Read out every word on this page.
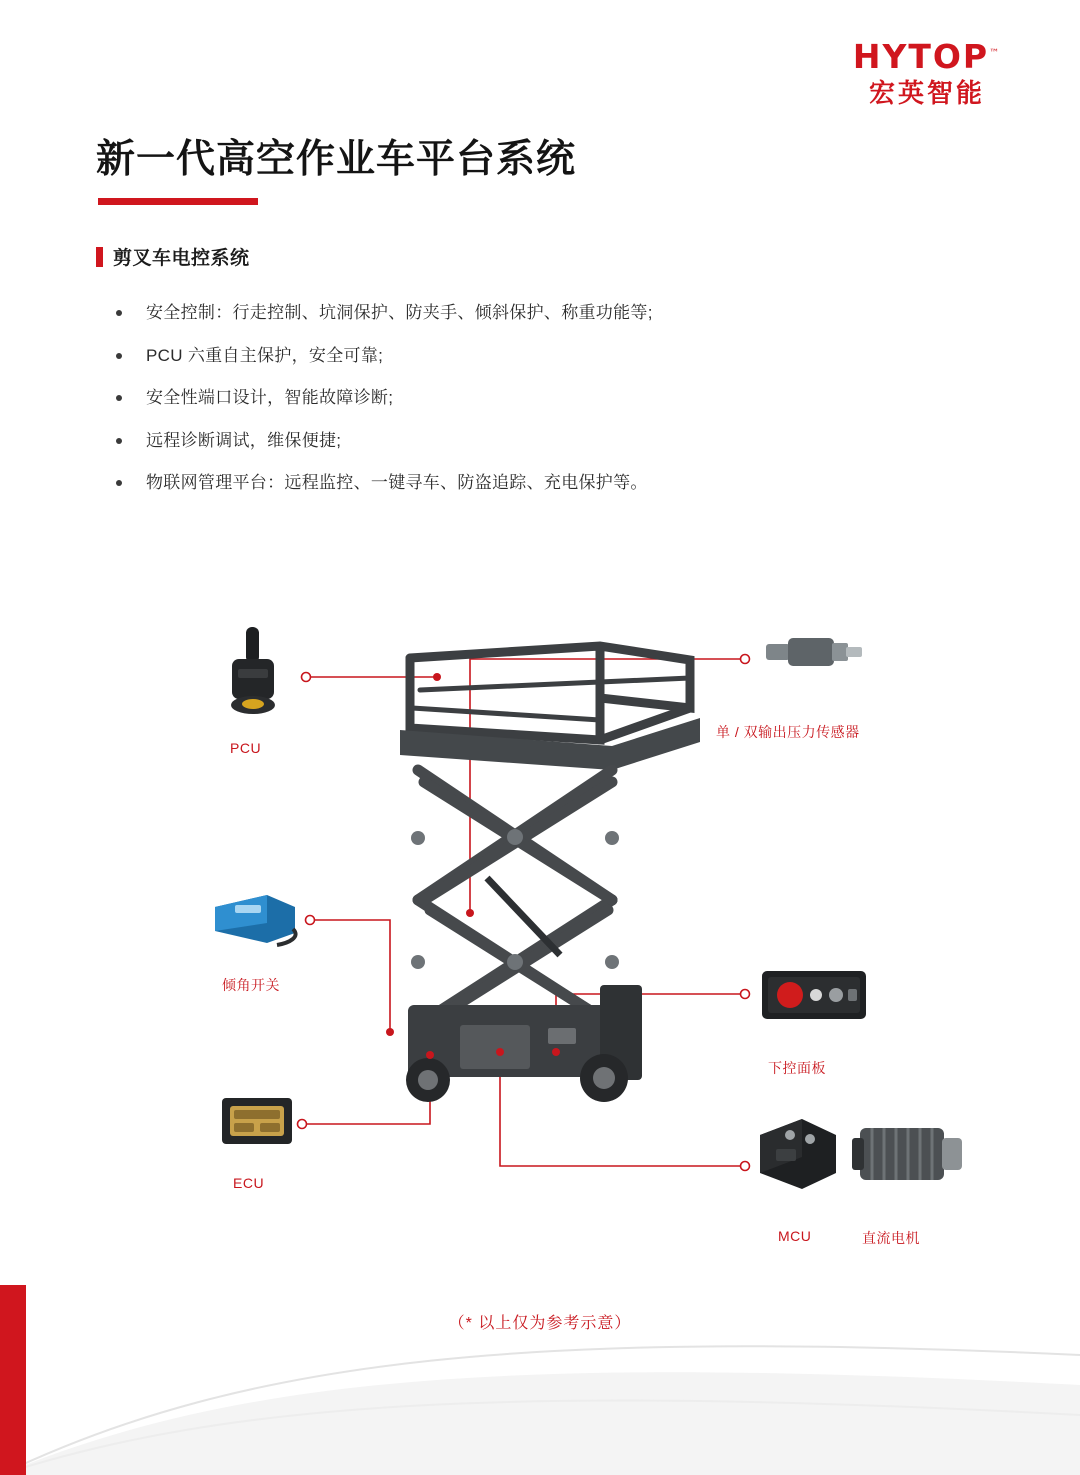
HYTOP™
宏英智能
新一代高空作业车平台系统
剪叉车电控系统
安全控制：行走控制、坑洞保护、防夹手、倾斜保护、称重功能等;
PCU 六重自主保护，安全可靠;
安全性端口设计，智能故障诊断;
远程诊断调试，维保便捷;
物联网管理平台：远程监控、一键寻车、防盗追踪、充电保护等。
PCU
单 / 双输出压力传感器
倾角开关
下控面板
ECU
MCU	直流电机
（* 以上仅为参考示意）
